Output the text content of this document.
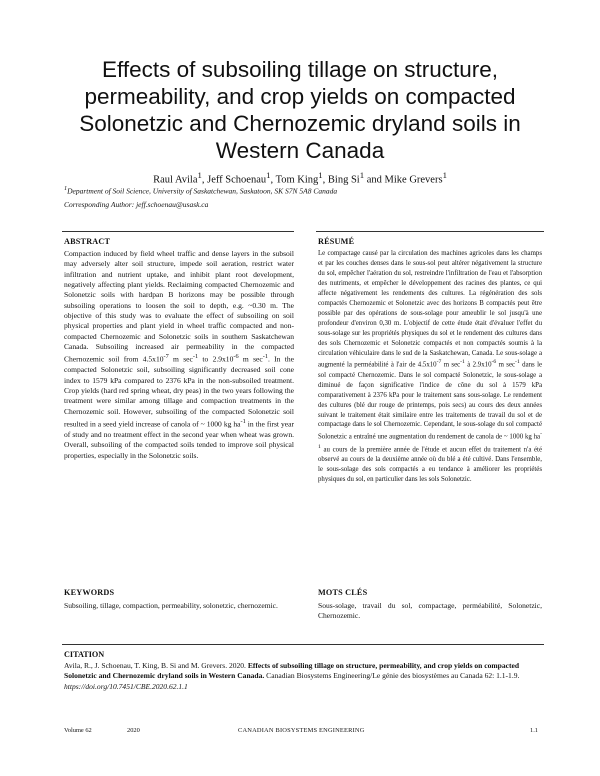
Effects of subsoiling tillage on structure, permeability, and crop yields on compacted Solonetzic and Chernozemic dryland soils in Western Canada
Raul Avila$^1$, Jeff Schoenau$^1$, Tom King$^1$, Bing Si$^1$ and Mike Grevers$^1$
$^1$Department of Soil Science, University of Saskatchewan, Saskatoon, SK S7N 5A8 Canada
Corresponding Author: jeff.schoenau@usask.ca
ABSTRACT
Compaction induced by field wheel traffic and dense layers in the subsoil may adversely alter soil structure, impede soil aeration, restrict water infiltration and nutrient uptake, and inhibit plant root development, negatively affecting plant yields. Reclaiming compacted Chernozemic and Solonetzic soils with hardpan B horizons may be possible through subsoiling operations to loosen the soil to depth, e.g. ~0.30 m. The objective of this study was to evaluate the effect of subsoiling on soil physical properties and plant yield in wheel traffic compacted and non-compacted Chernozemic and Solonetzic soils in southern Saskatchewan Canada. Subsoiling increased air permeability in the compacted Chernozemic soil from $4.5x10^{-7}$ m $\sec^{-1}$ to $2.9x10^{-6}$ m $\sec^{-1}$. In the compacted Solonetzic soil, subsoiling significantly decreased soil cone index to 1579 kPa compared to 2376 kPa in the non-subsoiled treatment. Crop yields (hard red spring wheat, dry peas) in the two years following the treatment were similar among tillage and compaction treatments in the Chernozemic soil. However, subsoiling of the compacted Solonetzic soil resulted in a seed yield increase of canola of ~ 1000 kg $ha^{-1}$ in the first year of study and no treatment effect in the second year when wheat was grown. Overall, subsoiling of the compacted soils tended to improve soil physical properties, especially in the Solonetzic soils.
RÉSUMÉ
Le compactage causé par la circulation des machines agricoles dans les champs et par les couches denses dans le sous-sol peut altérer négativement la structure du sol, empêcher l'aération du sol, restreindre l'infiltration de l'eau et l'absorption des nutriments, et empêcher le développement des racines des plantes, ce qui affecte négativement les rendements des cultures. La régénération des sols compactés Chernozemic et Solonetzic avec des horizons B compactés peut être possible par des opérations de sous-solage pour ameublir le sol jusqu'à une profondeur d'environ 0,30 m. L'objectif de cette étude était d'évaluer l'effet du sous-solage sur les propriétés physiques du sol et le rendement des cultures dans des sols Chernozemic et Solonetzic compactés et non compactés soumis à la circulation véhiculaire dans le sud de la Saskatchewan, Canada. Le sous-solage a augmenté la perméabilité à l'air de $4.5x10^{-7}$ m $\sec^{-1}$ à $2.9x10^{-6}$ m $\sec^{-1}$ dans le sol compacté Chernozemic. Dans le sol compacté Solonetzic, le sous-solage a diminué de façon significative l'indice de cône du sol à 1579 kPa comparativement à 2376 kPa pour le traitement sans sous-solage. Le rendement des cultures (blé dur rouge de printemps, pois secs) au cours des deux années suivant le traitement était similaire entre les traitements de travail du sol et de compactage dans le sol Chernozemic. Cependant, le sous-solage du sol compacté Solonetzic a entraîné une augmentation du rendement de canola de ~ 1000 kg $ha^{-1}$ au cours de la première année de l'étude et aucun effet du traitement n'a été observé au cours de la deuxième année où du blé a été cultivé. Dans l'ensemble, le sous-solage des sols compactés a eu tendance à améliorer les propriétés physiques du sol, en particulier dans les sols Solonetzic.
KEYWORDS
Subsoiling, tillage, compaction, permeability, solonetzic, chernozemic.
MOTS CLÉS
Sous-solage, travail du sol, compactage, perméabilité, Solonetzic, Chernozemic.
CITATION
Avila, R., J. Schoenau, T. King, B. Si and M. Grevers. 2020. Effects of subsoiling tillage on structure, permeability, and crop yields on compacted Solonetzic and Chernozemic dryland soils in Western Canada. Canadian Biosystems Engineering/Le génie des biosystèmes au Canada 62: 1.1-1.9. https://doi.org/10.7451/CBE.2020.62.1.1
Volume 62	2020	CANADIAN BIOSYSTEMS ENGINEERING	1.1
